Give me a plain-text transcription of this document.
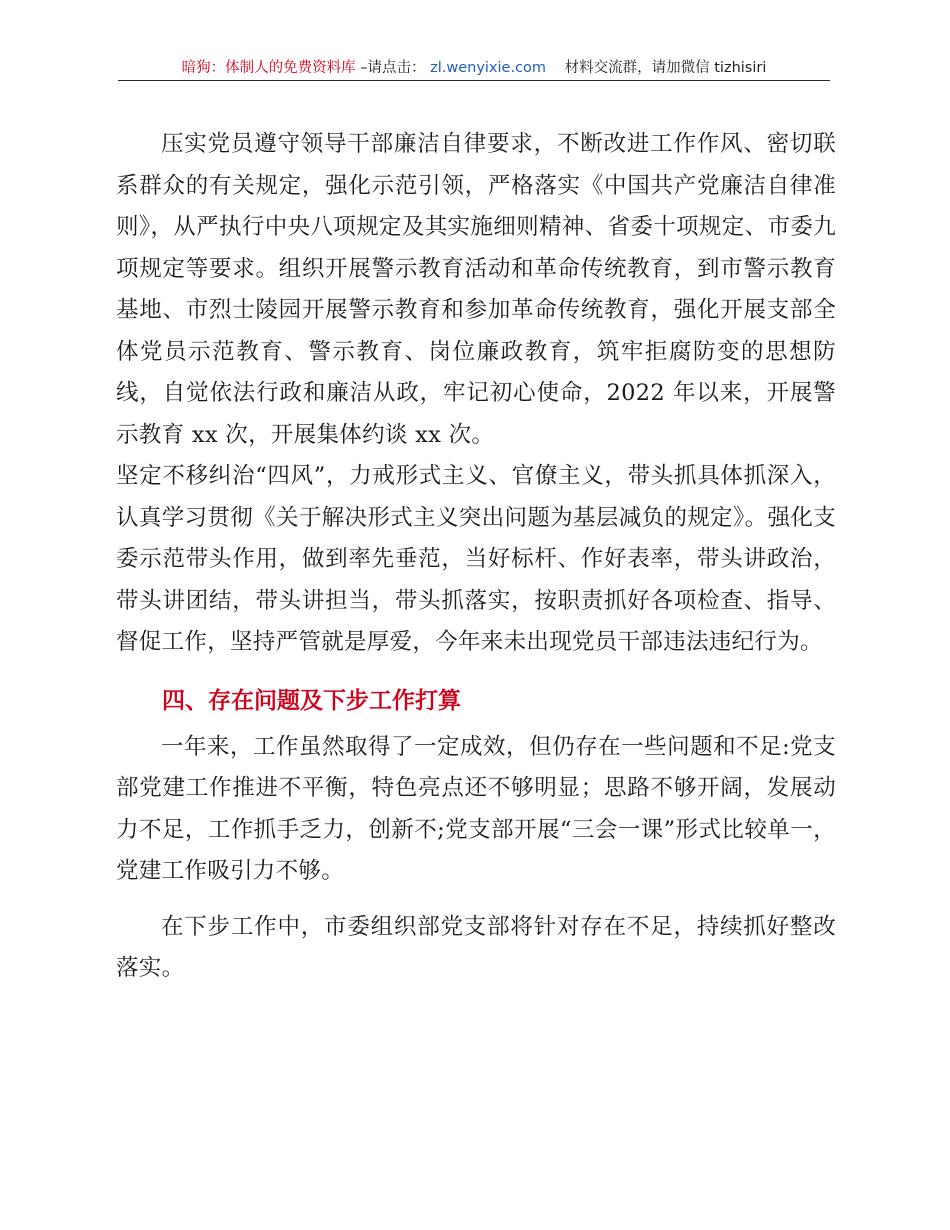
暗狗：体制人的免费资料库 –请点击： zl.wenyixie.com 材料交流群，请加微信 tizhisiri

压实党员遵守领导干部廉洁自律要求，不断改进工作作风、密切联系群众的有关规定，强化示范引领，严格落实《中国共产党廉洁自律准则》，从严执行中央八项规定及其实施细则精神、省委十项规定、市委九项规定等要求。组织开展警示教育活动和革命传统教育，到市警示教育基地、市烈士陵园开展警示教育和参加革命传统教育，强化开展支部全体党员示范教育、警示教育、岗位廉政教育，筑牢拒腐防变的思想防线，自觉依法行政和廉洁从政，牢记初心使命，2022 年以来，开展警示教育 xx 次，开展集体约谈 xx 次。

坚定不移纠治“四风”，力戒形式主义、官僚主义，带头抓具体抓深入，认真学习贯彻《关于解决形式主义突出问题为基层减负的规定》。强化支委示范带头作用，做到率先垂范，当好标杆、作好表率，带头讲政治，带头讲团结，带头讲担当，带头抓落实，按职责抓好各项检查、指导、督促工作，坚持严管就是厚爱，今年来未出现党员干部违法违纪行为。

四、存在问题及下步工作打算

一年来，工作虽然取得了一定成效，但仍存在一些问题和不足:党支部党建工作推进不平衡，特色亮点还不够明显；思路不够开阔，发展动力不足，工作抓手乏力，创新不;党支部开展“三会一课”形式比较单一，党建工作吸引力不够。

在下步工作中，市委组织部党支部将针对存在不足，持续抓好整改落实。
